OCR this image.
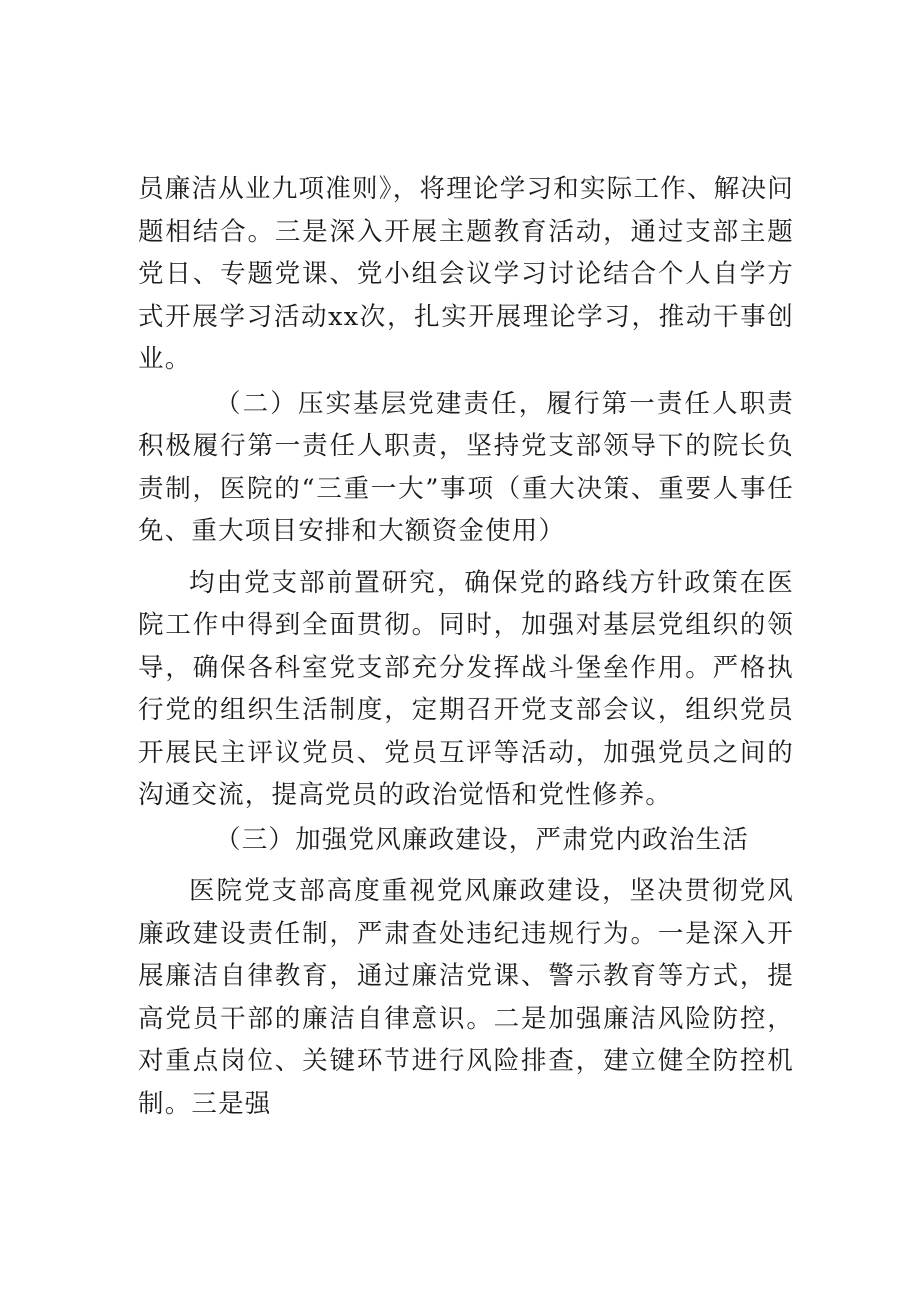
员廉洁从业九项准则》，将理论学习和实际工作、解决问题相结合。三是深入开展主题教育活动，通过支部主题党日、专题党课、党小组会议学习讨论结合个人自学方式开展学习活动xx次，扎实开展理论学习，推动干事创业。

（二）压实基层党建责任，履行第一责任人职责积极履行第一责任人职责，坚持党支部领导下的院长负责制，医院的“三重一大”事项（重大决策、重要人事任免、重大项目安排和大额资金使用）

均由党支部前置研究，确保党的路线方针政策在医院工作中得到全面贯彻。同时，加强对基层党组织的领导，确保各科室党支部充分发挥战斗堡垒作用。严格执行党的组织生活制度，定期召开党支部会议，组织党员开展民主评议党员、党员互评等活动，加强党员之间的沟通交流，提高党员的政治觉悟和党性修养。

（三）加强党风廉政建设，严肃党内政治生活

医院党支部高度重视党风廉政建设，坚决贯彻党风廉政建设责任制，严肃查处违纪违规行为。一是深入开展廉洁自律教育，通过廉洁党课、警示教育等方式，提高党员干部的廉洁自律意识。二是加强廉洁风险防控，对重点岗位、关键环节进行风险排查，建立健全防控机制。三是强
